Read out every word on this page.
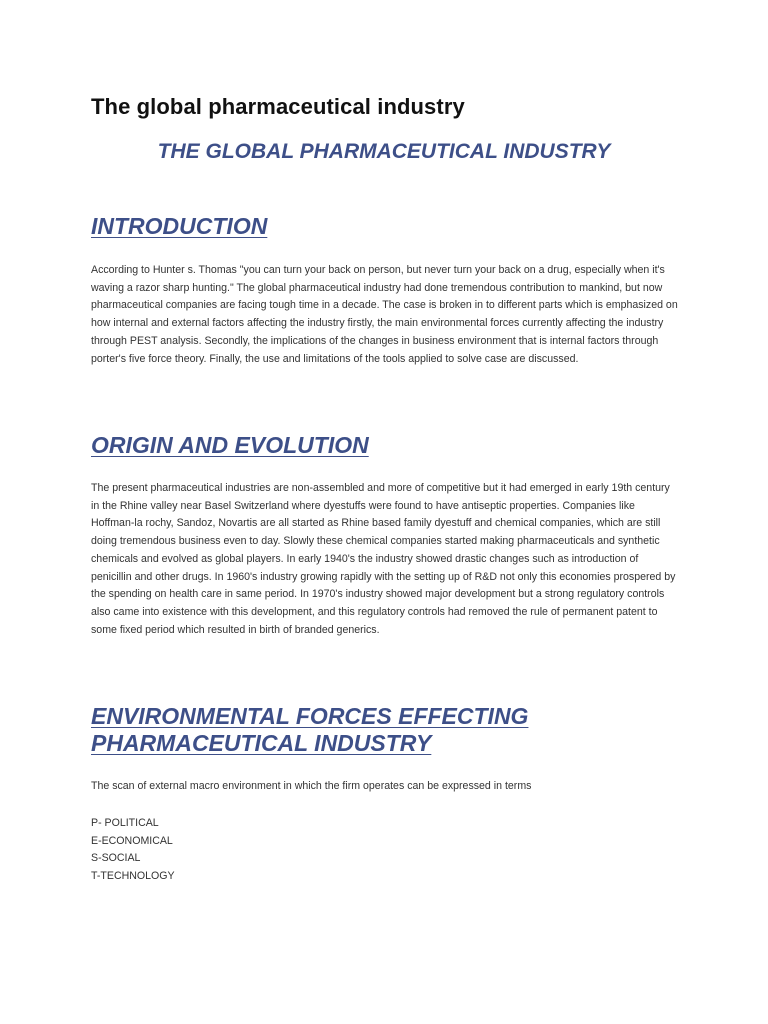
The global pharmaceutical industry
THE GLOBAL PHARMACEUTICAL INDUSTRY
INTRODUCTION

According to Hunter s. Thomas "you can turn your back on person, but never turn your back on a drug, especially when it's waving a razor sharp hunting." The global pharmaceutical industry had done tremendous contribution to mankind, but now pharmaceutical companies are facing tough time in a decade. The case is broken in to different parts which is emphasized on how internal and external factors affecting the industry firstly, the main environmental forces currently affecting the industry through PEST analysis. Secondly, the implications of the changes in business environment that is internal factors through porter's five force theory. Finally, the use and limitations of the tools applied to solve case are discussed.

ORIGIN AND EVOLUTION

The present pharmaceutical industries are non-assembled and more of competitive but it had emerged in early 19th century in the Rhine valley near Basel Switzerland where dyestuffs were found to have antiseptic properties. Companies like Hoffman-la rochy, Sandoz, Novartis are all started as Rhine based family dyestuff and chemical companies, which are still doing tremendous business even to day. Slowly these chemical companies started making pharmaceuticals and synthetic chemicals and evolved as global players. In early 1940's the industry showed drastic changes such as introduction of penicillin and other drugs. In 1960's industry growing rapidly with the setting up of R&D not only this economies prospered by the spending on health care in same period. In 1970's industry showed major development but a strong regulatory controls also came into existence with this development, and this regulatory controls had removed the rule of permanent patent to some fixed period which resulted in birth of branded generics.

ENVIRONMENTAL FORCES EFFECTING PHARMACEUTICAL INDUSTRY

The scan of external macro environment in which the firm operates can be expressed in terms

P- POLITICAL
E-ECONOMICAL
S-SOCIAL
T-TECHNOLOGY
